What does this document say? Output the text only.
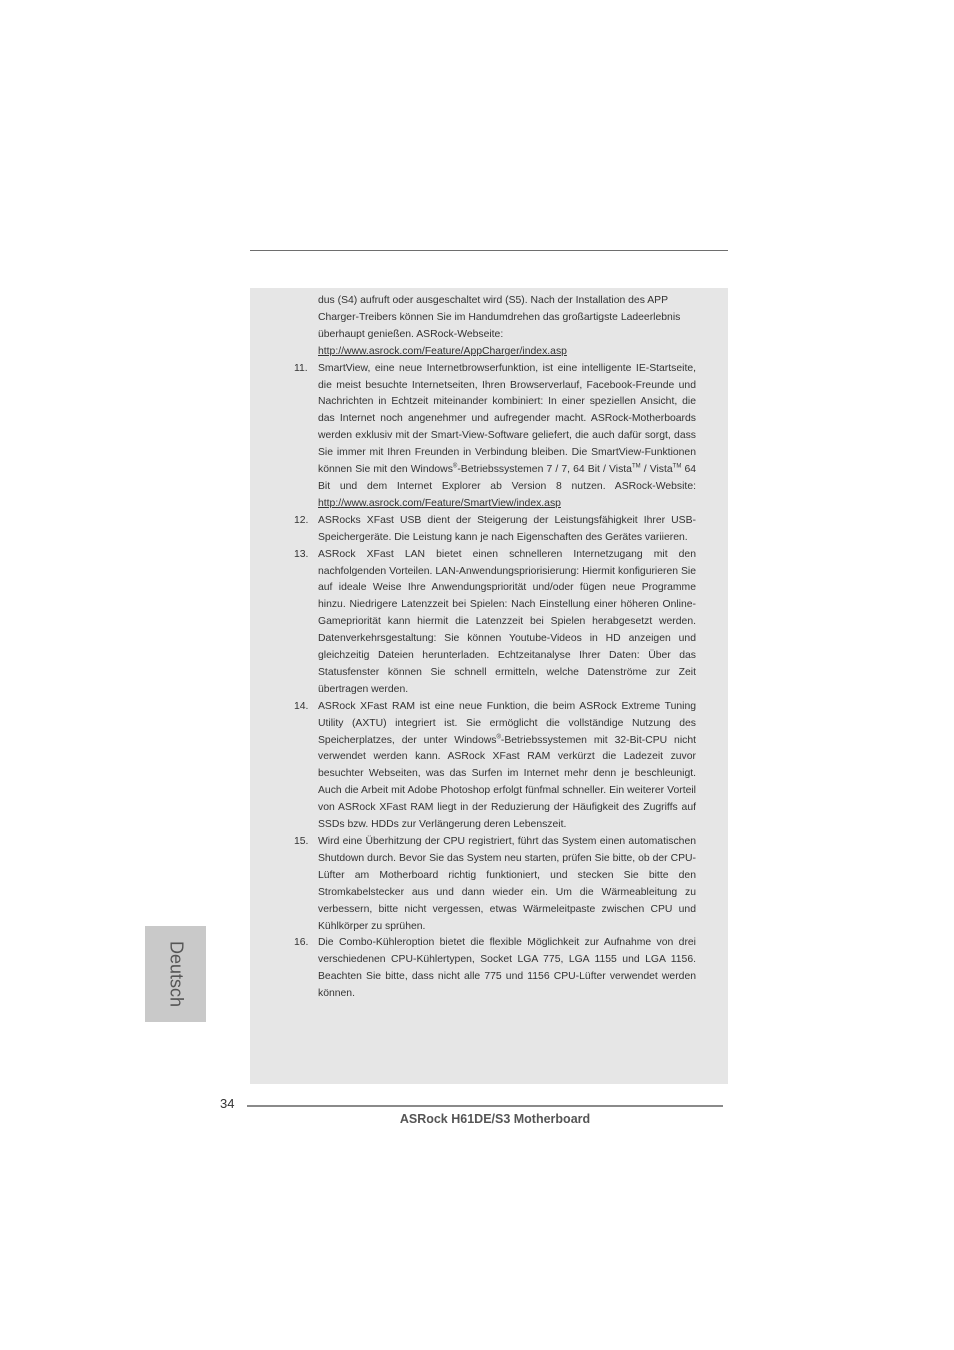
dus (S4) aufruft oder ausgeschaltet wird (S5). Nach der Installation des APP Charger-Treibers können Sie im Handumdrehen das großartigste Ladeerlebnis überhaupt genießen. ASRock-Webseite: http://www.asrock.com/Feature/AppCharger/index.asp

11. SmartView, eine neue Internetbrowserfunktion, ist eine intelligente IE-Startseite, die meist besuchte Internetseiten, Ihren Browserverlauf, Facebook-Freunde und Nachrichten in Echtzeit miteinander kombiniert: In einer speziellen Ansicht, die das Internet noch angenehmer und aufregender macht. ASRock-Motherboards werden exklusiv mit der Smart-View-Software geliefert, die auch dafür sorgt, dass Sie immer mit Ihren Freunden in Verbindung bleiben. Die SmartView-Funktionen können Sie mit den Windows®-Betriebssystemen 7 / 7, 64 Bit / Vista™ / Vista™ 64 Bit und dem Internet Explorer ab Version 8 nutzen. ASRock-Website: http://www.asrock.com/Feature/SmartView/index.asp
12. ASRocks XFast USB dient der Steigerung der Leistungsfähigkeit Ihrer USB-Speichergeräte. Die Leistung kann je nach Eigenschaften des Gerätes variieren.
13. ASRock XFast LAN bietet einen schnelleren Internetzugang mit den nachfolgenden Vorteilen. LAN-Anwendungspriorisierung: Hiermit konfigurieren Sie auf ideale Weise Ihre Anwendungspriorität und/oder fügen neue Programme hinzu. Niedrigere Latenzzeit bei Spielen: Nach Einstellung einer höheren Online-Gamepriorität kann hiermit die Latenzzeit bei Spielen herabgesetzt werden. Datenverkehrsgestaltung: Sie können Youtube-Videos in HD anzeigen und gleichzeitig Dateien herunterladen. Echtzeitanalyse Ihrer Daten: Über das Statusfenster können Sie schnell ermitteln, welche Datenströme zur Zeit übertragen werden.
14. ASRock XFast RAM ist eine neue Funktion, die beim ASRock Extreme Tuning Utility (AXTU) integriert ist. Sie ermöglicht die vollständige Nutzung des Speicherplatzes, der unter Windows®-Betriebssystemen mit 32-Bit-CPU nicht verwendet werden kann. ASRock XFast RAM verkürzt die Ladezeit zuvor besuchter Webseiten, was das Surfen im Internet mehr denn je beschleunigt. Auch die Arbeit mit Adobe Photoshop erfolgt fünfmal schneller. Ein weiterer Vorteil von ASRock XFast RAM liegt in der Reduzierung der Häufigkeit des Zugriffs auf SSDs bzw. HDDs zur Verlängerung deren Lebenszeit.
15. Wird eine Überhitzung der CPU registriert, führt das System einen automatischen Shutdown durch. Bevor Sie das System neu starten, prüfen Sie bitte, ob der CPU-Lüfter am Motherboard richtig funktioniert, und stecken Sie bitte den Stromkabelstecker aus und dann wieder ein. Um die Wärmeableitung zu verbessern, bitte nicht vergessen, etwas Wärmeleitpaste zwischen CPU und Kühlkörper zu sprühen.
16. Die Combo-Kühleroption bietet die flexible Möglichkeit zur Aufnahme von drei verschiedenen CPU-Kühlertypen, Socket LGA 775, LGA 1155 und LGA 1156. Beachten Sie bitte, dass nicht alle 775 und 1156 CPU-Lüfter verwendet werden können.
Deutsch
34
ASRock H61DE/S3 Motherboard
